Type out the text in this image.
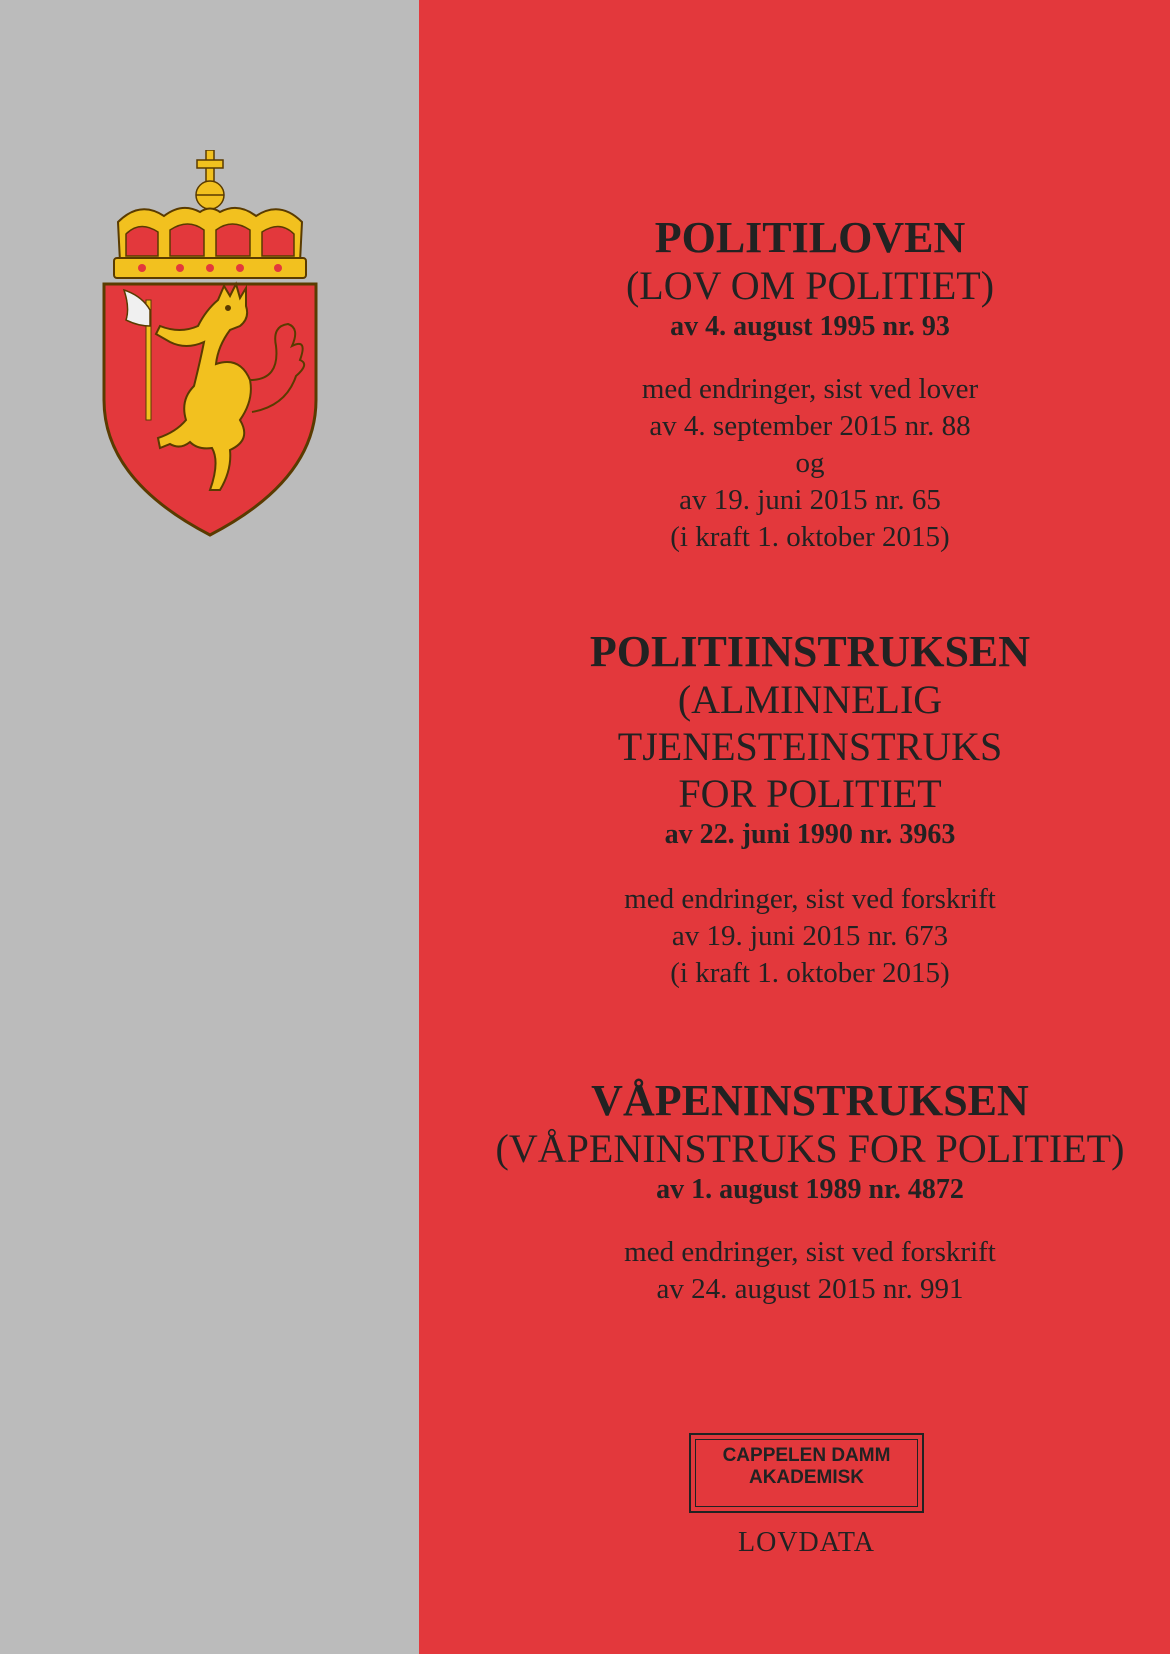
POLITILOVEN
(LOV OM POLITIET)
av 4. august 1995 nr. 93
med endringer, sist ved lover
av 4. september 2015 nr. 88
og
av 19. juni 2015 nr. 65
(i kraft 1. oktober 2015)
POLITIINSTRUKSEN
(ALMINNELIG
TJENESTEINSTRUKS
FOR POLITIET
av 22. juni 1990 nr. 3963
med endringer, sist ved forskrift
av 19. juni 2015 nr. 673
(i kraft 1. oktober 2015)
VÅPENINSTRUKSEN
(VÅPENINSTRUKS FOR POLITIET)
av 1. august 1989 nr. 4872
med endringer, sist ved forskrift
av 24. august 2015 nr. 991
CAPPELEN DAMM
AKADEMISK
LOVDATA
